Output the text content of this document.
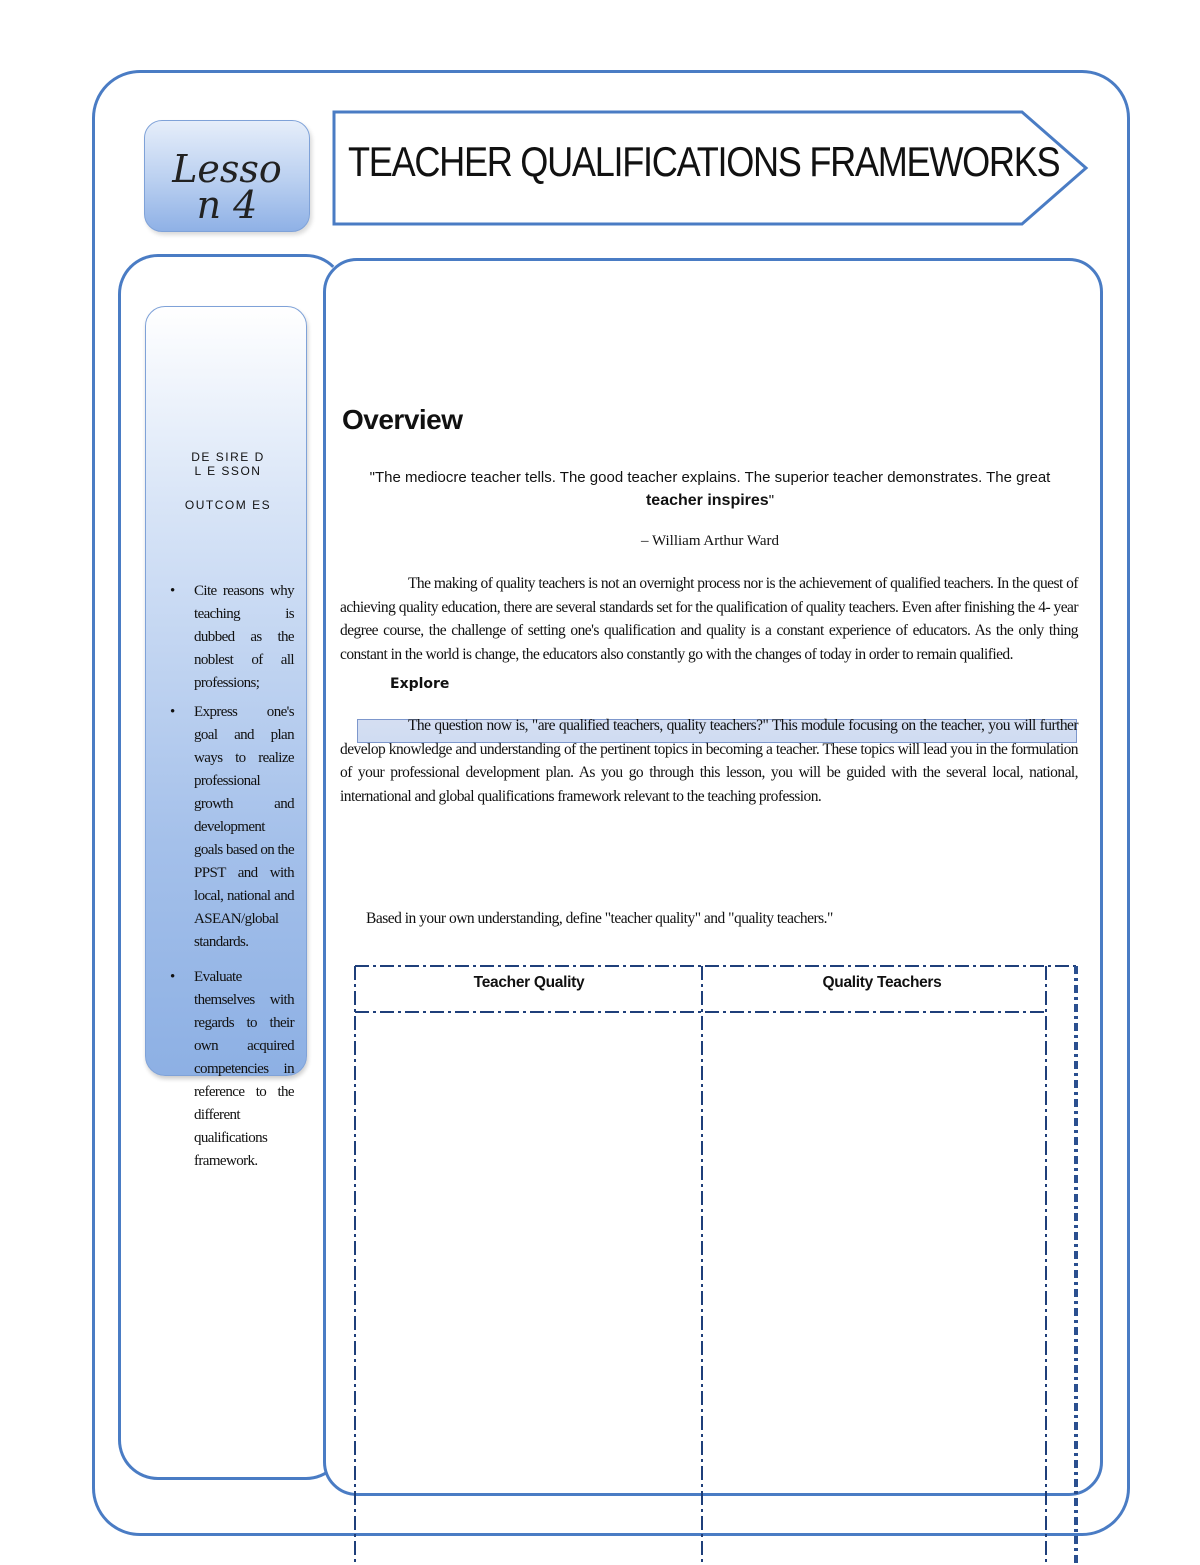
Lesso
n 4
TEACHER QUALIFICATIONS FRAMEWORKS
DE SIRE D
L E SSON
OUTCOM ES
• Cite reasons why teaching is dubbed as the noblest of all professions;
• Express one's goal and plan ways to realize professional growth and development goals based on the PPST and with local, national and ASEAN/global standards.
• Evaluate themselves with regards to their own acquired competencies in reference to the different qualifications framework.
Overview
"The mediocre teacher tells. The good teacher explains. The superior teacher demonstrates. The great teacher inspires"
– William Arthur Ward

The making of quality teachers is not an overnight process nor is the achievement of qualified teachers. In the quest of achieving quality education, there are several standards set for the qualification of quality teachers. Even after finishing the 4- year degree course, the challenge of setting one's qualification and quality is a constant experience of educators. As the only thing constant in the world is change, the educators also constantly go with the changes of today in order to remain qualified.

Explore

The question now is, "are qualified teachers, quality teachers?" This module focusing on the teacher, you will further develop knowledge and understanding of the pertinent topics in becoming a teacher. These topics will lead you in the formulation of your professional development plan. As you go through this lesson, you will be guided with the several local, national, international and global qualifications framework relevant to the teaching profession.

Based in your own understanding, define "teacher quality" and "quality teachers."

Teacher Quality	Quality Teachers
